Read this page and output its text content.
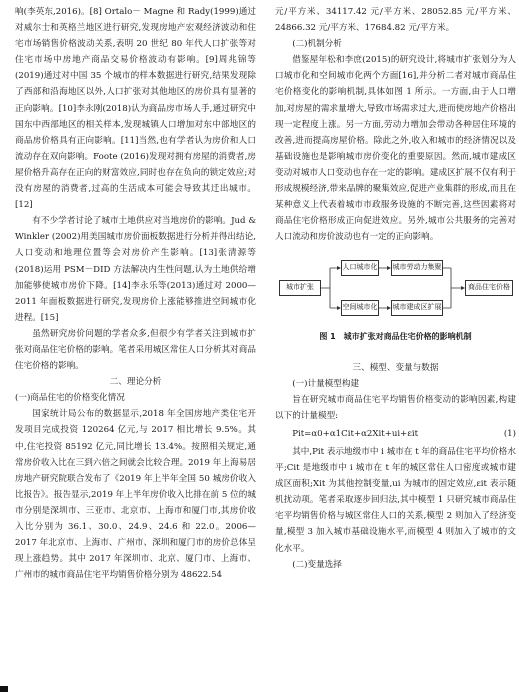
响(李英东,2016)。[8] Ortalo－ Magne 和 Rady(1999)通过对威尔士和英格兰地区进行研究,发现房地产宏观经济波动和住宅市场销售价格波动关系,表明 20 世纪 80 年代人口扩张等对住宅市场中房地产商品交易价格波动有影响。[9]周兆锦等(2019)通过对中国 35 个城市的样本数据进行研究,结果发现除了西部和沿海地区以外,人口扩张对其他地区的房价具有显著的正向影响。[10]李永刚(2018)认为商品房市场人手,通过研究中国东中西部地区的相关样本,发现城镇人口增加对东中部地区的商品房价格具有正向影响。[11]当然,也有学者认为房价和人口流动存在双向影响。Foote (2016)发现对拥有房屋的消费者,房屋价格升高存在正向的财富效应,同时也存在负向的锁定效应;对没有房屋的消费者,过高的生活成本可能会导致其迁出城市。[12]

有不少学者讨论了城市土地供应对当地房价的影响。Jud & Winkler (2002)用美国城市房价面板数据进行分析并得出结论,人口变动和地理位置等会对房价产生影响。[13]张清源等(2018)运用 PSM－DID 方法解决内生性问题,认为土地供给增加能够使城市房价下降。[14]李永乐等(2013)通过对 2000—2011 年面板数据进行研究,发现房价上涨能够推进空间城市化进程。[15]

虽然研究房价问题的学者众多,但很少有学者关注到城市扩张对商品住宅价格的影响。笔者采用城区常住人口分析其对商品住宅价格的影响。

二、理论分析

(一)商品住宅的价格变化情况

国家统计局公布的数据显示,2018 年全国房地产类住宅开发项目完成投资 120264 亿元,与 2017 相比增长 9.5%。其中,住宅投资 85192 亿元,同比增长 13.4%。按照相关规定,通常房价收入比在三到六倍之间就会比较合理。2019 年上海易居房地产研究院联合发布了《2019 年上半年全国 50 城房价收入比报告》。报告显示,2019 年上半年房价收入比排在前 5 位的城市分别是深圳市、三亚市、北京市、上海市和厦门市,其房价收入比分别为 36.1、30.0、24.9、24.6 和 22.0。2006—2017 年北京市、上海市、广州市、深圳和厦门市的房价总体呈现上涨趋势。其中 2017 年深圳市、北京、厦门市、上海市、广州市的城市商品住宅平均销售价格分别为 48622.54

元/平方米、34117.42 元/平方米、28052.85 元/平方米、24866.32 元/平方米、17684.82 元/平方米。

(二)机制分析

借鉴屋年松和李庶(2015)的研究设计,将城市扩张划分为人口城市化和空间城市化两个方面[16],并分析二者对城市商品住宅价格变化的影响机制,具体如图 1 所示。一方面,由于人口增加,对房屋的需求量增大,导致市场需求过大,进而使房地产价格出现一定程度上涨。另一方面,劳动力增加会带动各种居住环境的改善,进而提高房屋价格。除此之外,收入和城市的经济情况以及基础设施也是影响城市房价变化的重要原因。然而,城市建成区变动对城市人口变动也存在一定的影响。建成区扩展不仅有利于形成规模经济,带来品牌的聚集效应,促进产业集群的形成,而且在某种意义上代表着城市市政服务设施的不断完善,这些因素将对商品住宅价格形成正向促进效应。另外,城市公共服务的完善对人口流动和房价波动也有一定的正向影响。

城市扩张
人口城市化 城市劳动力集聚
空间城市化 城市建成区扩展
商品住宅价格

图 1　城市扩张对商品住宅价格的影响机制

三、模型、变量与数据

(一)计量模型构建

旨在研究城市商品住宅平均销售价格变动的影响因素,构建以下的计量模型:

Pit=α0+α1Cit+α2Xit+ui+εit	(1)

其中,Pit 表示地级市中 i 城市在 t 年的商品住宅平均价格水平;Cit 是地级市中 i 城市在 t 年的城区常住人口密度或城市建成区面积;Xit 为其他控制变量,ui 为城市的固定效应,εit 表示随机扰动项。笔者采取逐步回归法,其中模型 1 只研究城市商品住宅平均销售价格与城区常住人口的关系,模型 2 则加入了经济变量,模型 3 加入城市基础设施水平,而模型 4 则加入了城市的文化水平。

(二)变量选择
